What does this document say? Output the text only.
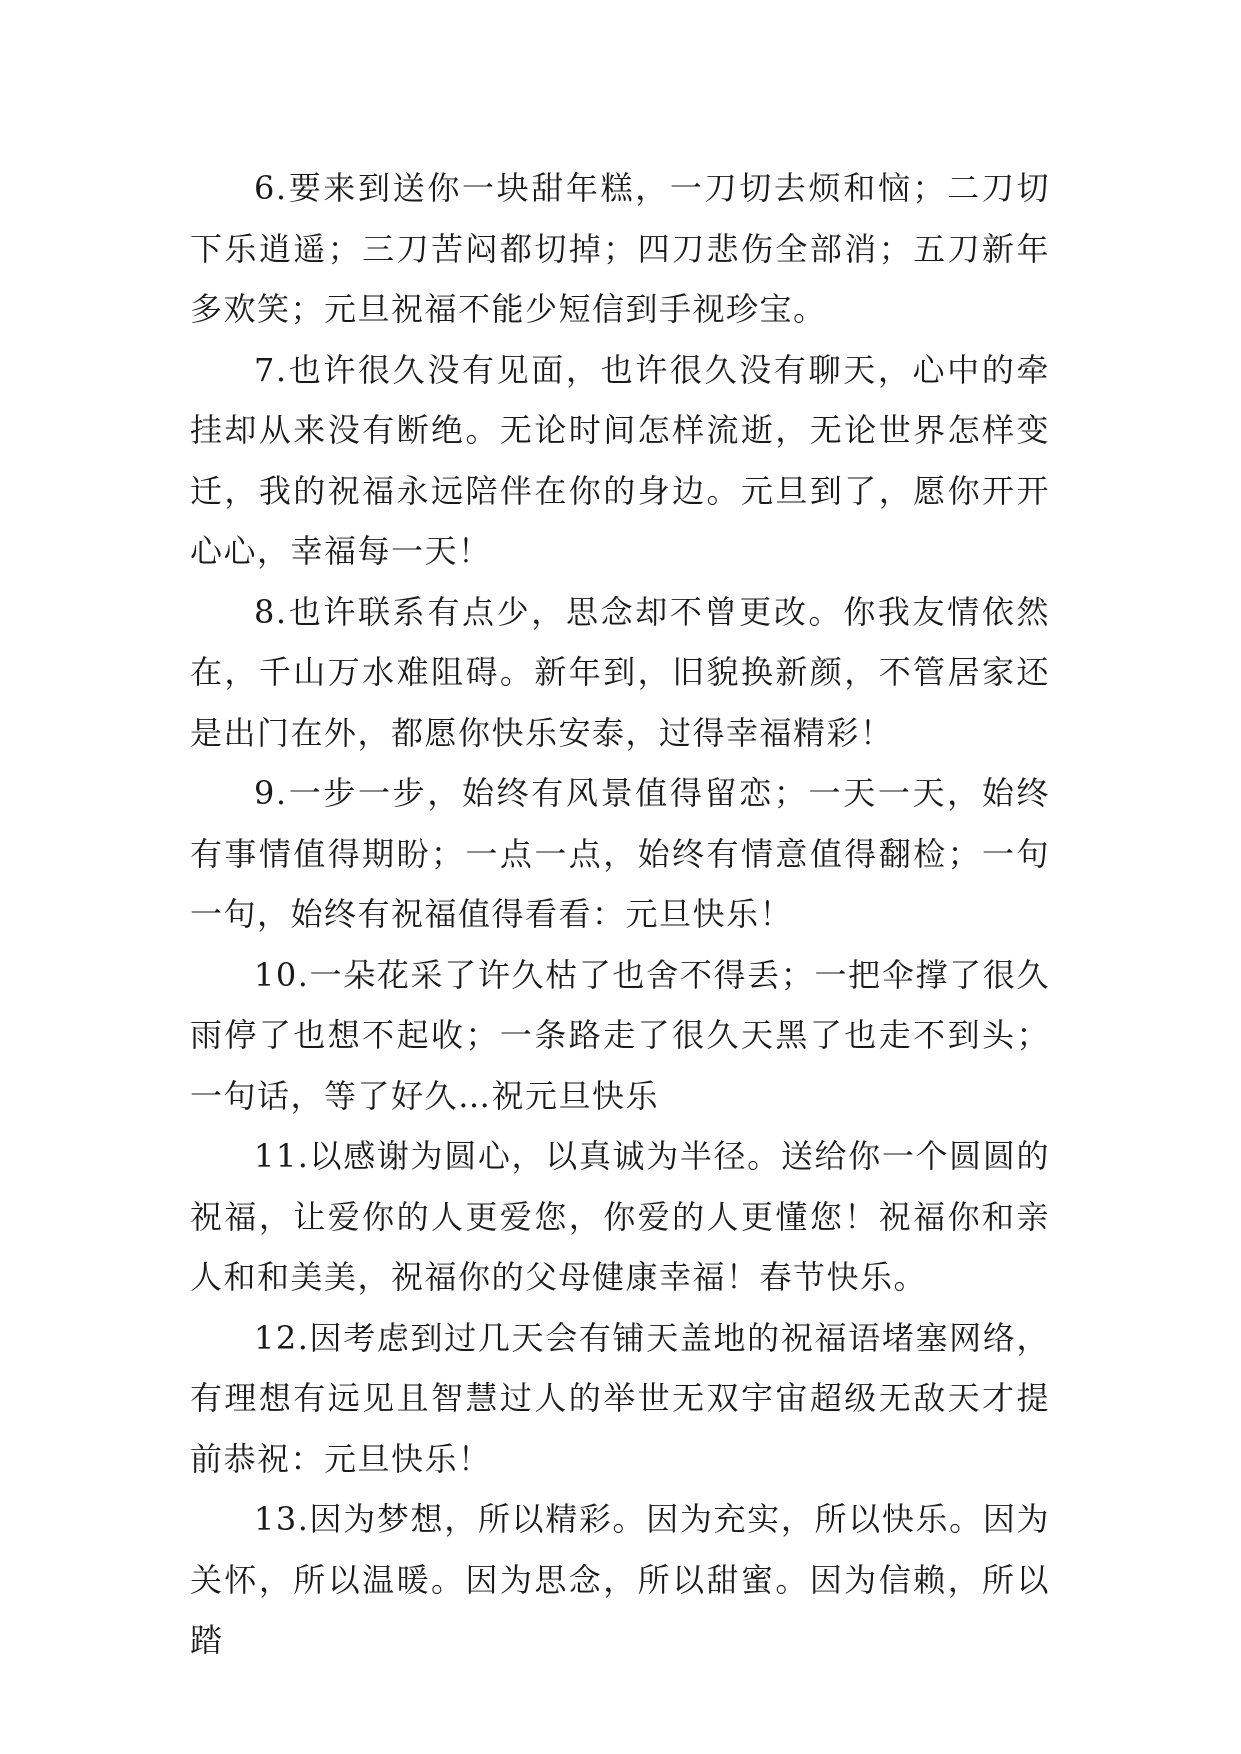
6.要来到送你一块甜年糕，一刀切去烦和恼；二刀切下乐逍遥；三刀苦闷都切掉；四刀悲伤全部消；五刀新年多欢笑；元旦祝福不能少短信到手视珍宝。

7.也许很久没有见面，也许很久没有聊天，心中的牵挂却从来没有断绝。无论时间怎样流逝，无论世界怎样变迁，我的祝福永远陪伴在你的身边。元旦到了，愿你开开心心，幸福每一天！

8.也许联系有点少，思念却不曾更改。你我友情依然在，千山万水难阻碍。新年到，旧貌换新颜，不管居家还是出门在外，都愿你快乐安泰，过得幸福精彩！

9.一步一步，始终有风景值得留恋；一天一天，始终有事情值得期盼；一点一点，始终有情意值得翻检；一句一句，始终有祝福值得看看：元旦快乐！

10.一朵花采了许久枯了也舍不得丢；一把伞撑了很久雨停了也想不起收；一条路走了很久天黑了也走不到头；一句话，等了好久…祝元旦快乐

11.以感谢为圆心，以真诚为半径。送给你一个圆圆的祝福，让爱你的人更爱您，你爱的人更懂您！祝福你和亲人和和美美，祝福你的父母健康幸福！春节快乐。

12.因考虑到过几天会有铺天盖地的祝福语堵塞网络，有理想有远见且智慧过人的举世无双宇宙超级无敌天才提前恭祝：元旦快乐！

13.因为梦想，所以精彩。因为充实，所以快乐。因为关怀，所以温暖。因为思念，所以甜蜜。因为信赖，所以踏
